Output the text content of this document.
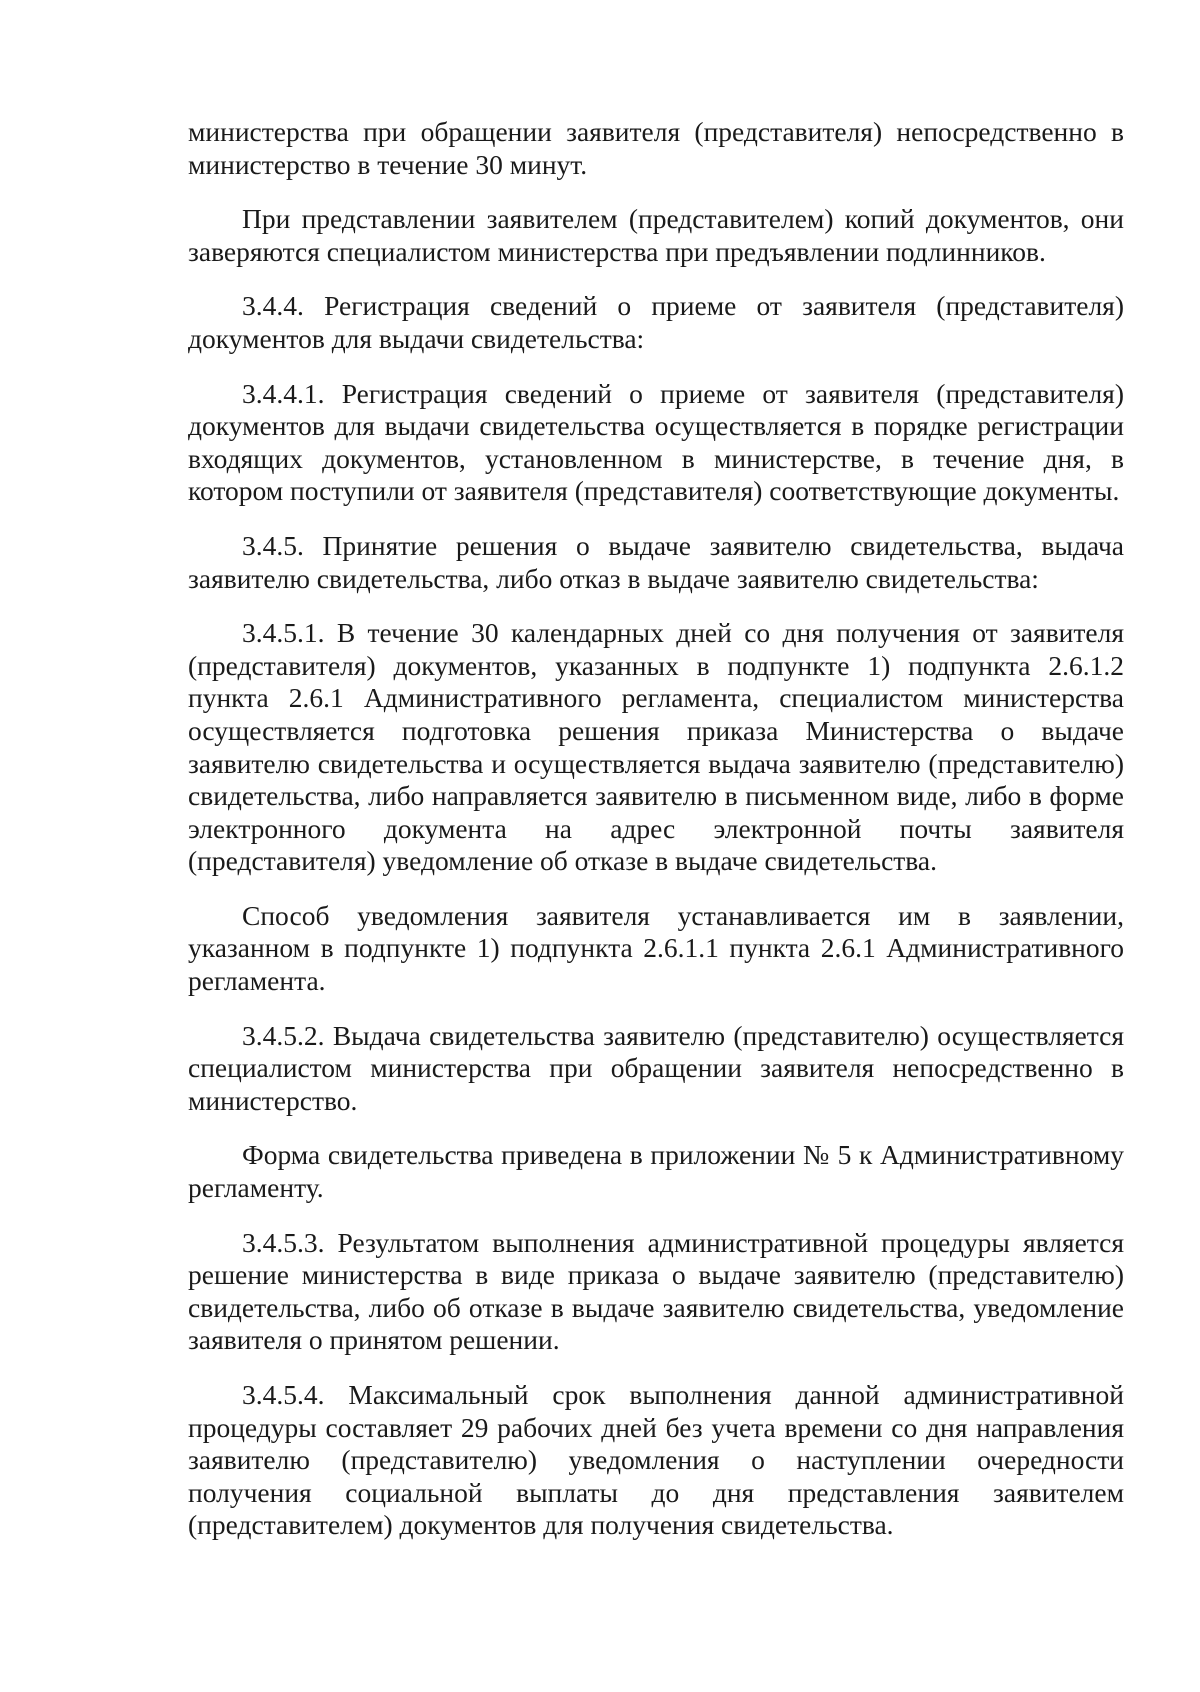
министерства при обращении заявителя (представителя) непосредственно в министерство в течение 30 минут.

При представлении заявителем (представителем) копий документов, они заверяются специалистом министерства при предъявлении подлинников.

3.4.4. Регистрация сведений о приеме от заявителя (представителя) документов для выдачи свидетельства:

3.4.4.1. Регистрация сведений о приеме от заявителя (представителя) документов для выдачи свидетельства осуществляется в порядке регистрации входящих документов, установленном в министерстве, в течение дня, в котором поступили от заявителя (представителя) соответствующие документы.

3.4.5. Принятие решения о выдаче заявителю свидетельства, выдача заявителю свидетельства, либо отказ в выдаче заявителю свидетельства:

3.4.5.1. В течение 30 календарных дней со дня получения от заявителя (представителя) документов, указанных в подпункте 1) подпункта 2.6.1.2 пункта 2.6.1 Административного регламента, специалистом министерства осуществляется подготовка решения приказа Министерства о выдаче заявителю свидетельства и осуществляется выдача заявителю (представителю) свидетельства, либо направляется заявителю в письменном виде, либо в форме электронного документа на адрес электронной почты заявителя (представителя) уведомление об отказе в выдаче свидетельства.

Способ уведомления заявителя устанавливается им в заявлении, указанном в подпункте 1) подпункта 2.6.1.1 пункта 2.6.1 Административного регламента.

3.4.5.2. Выдача свидетельства заявителю (представителю) осуществляется специалистом министерства при обращении заявителя непосредственно в министерство.

Форма свидетельства приведена в приложении № 5 к Административному регламенту.

3.4.5.3. Результатом выполнения административной процедуры является решение министерства в виде приказа о выдаче заявителю (представителю) свидетельства, либо об отказе в выдаче заявителю свидетельства, уведомление заявителя о принятом решении.

3.4.5.4. Максимальный срок выполнения данной административной процедуры составляет 29 рабочих дней без учета времени со дня направления заявителю (представителю) уведомления о наступлении очередности получения социальной выплаты до дня представления заявителем (представителем) документов для получения свидетельства.
